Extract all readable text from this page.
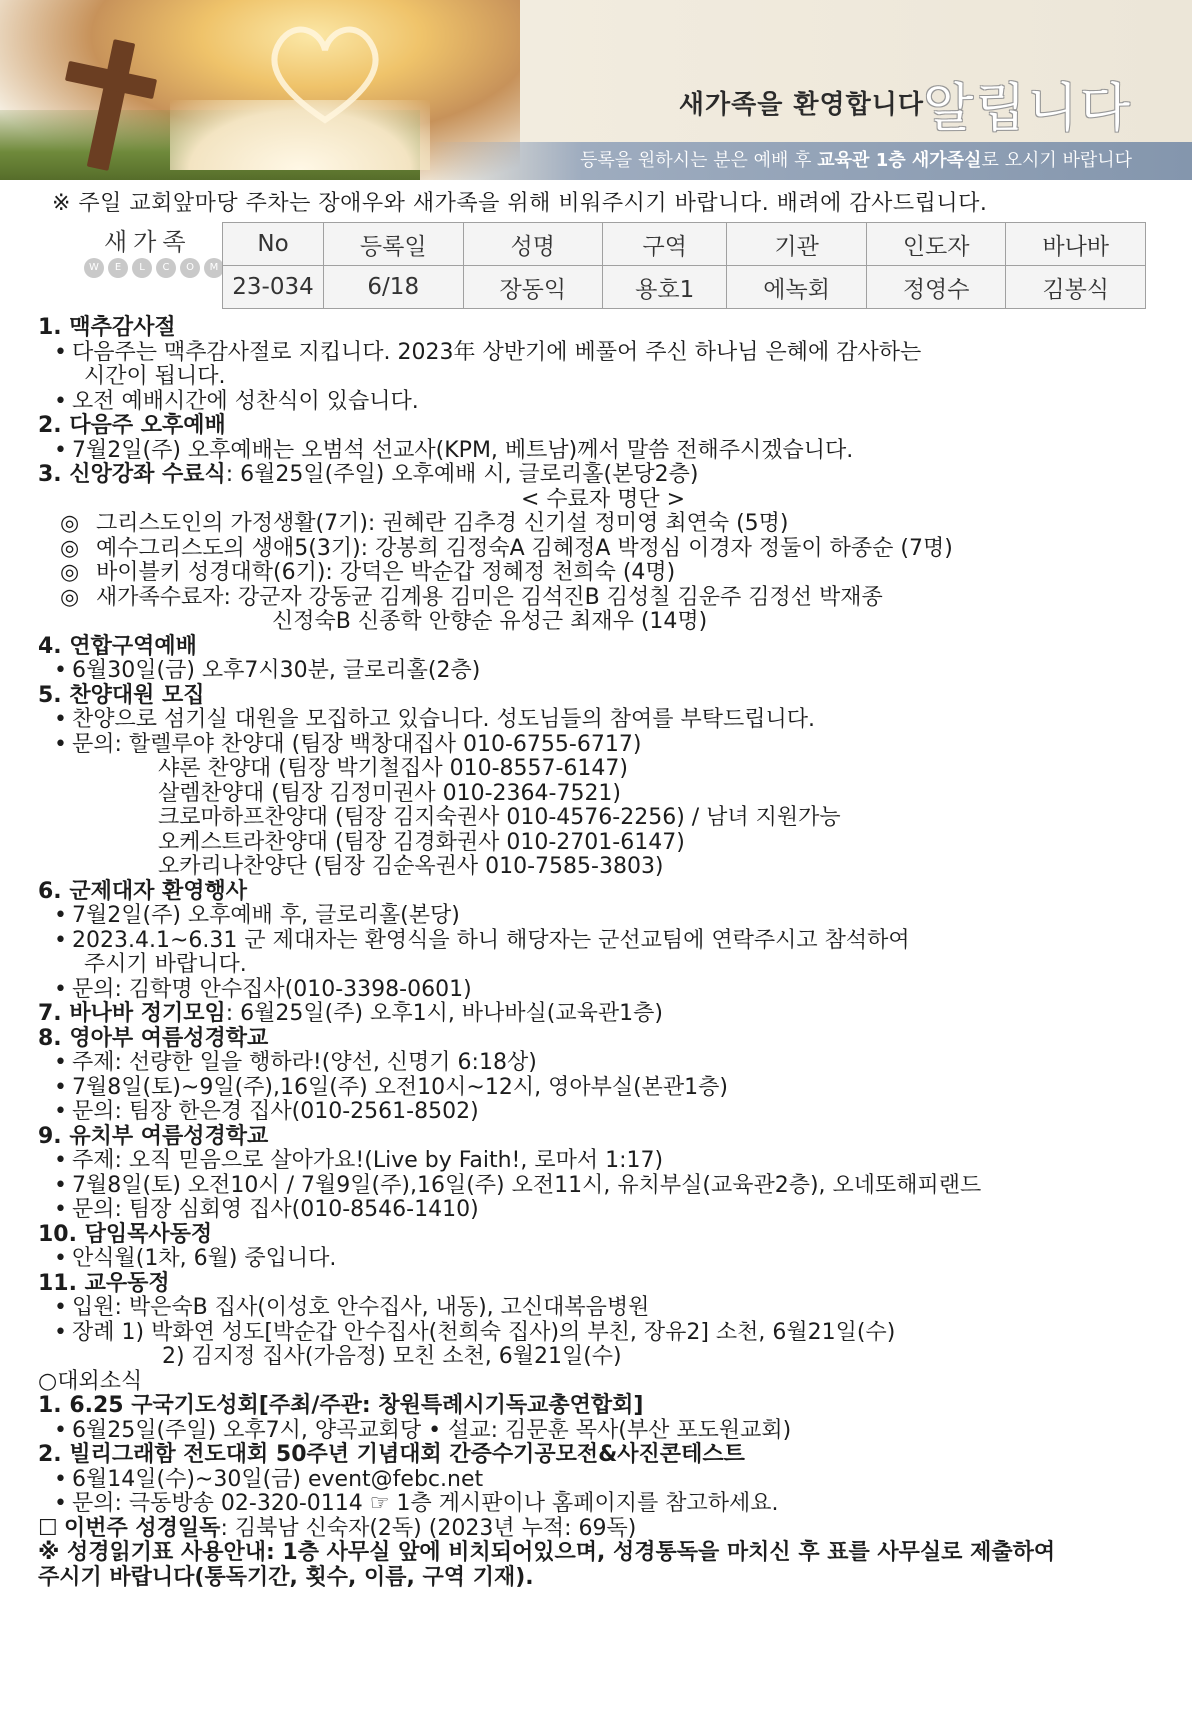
새가족을 환영합니다 알립니다
등록을 원하시는 분은 예배 후 교육관 1층 새가족실로 오시기 바랍니다
※ 주일 교회앞마당 주차는 장애우와 새가족을 위해 비워주시기 바랍니다. 배려에 감사드립니다.
새가족
W	E	L	C	O	M
No	등록일	성명	구역	기관	인도자	바나바
23-034	6/18	장동익	용호1	에녹회	정영수	김봉식
1. 맥추감사절
• 다음주는 맥추감사절로 지킵니다. 2023年 상반기에 베풀어 주신 하나님 은혜에 감사하는
시간이 됩니다.
• 오전 예배시간에 성찬식이 있습니다.
2. 다음주 오후예배
• 7월2일(주) 오후예배는 오범석 선교사(KPM, 베트남)께서 말씀 전해주시겠습니다.
3. 신앙강좌 수료식: 6월25일(주일) 오후예배 시, 글로리홀(본당2층)
< 수료자 명단 >
◎ 그리스도인의 가정생활(7기): 권혜란 김추경 신기설 정미영 최연숙 (5명)
◎ 예수그리스도의 생애5(3기): 강봉희 김정숙A 김혜정A 박정심 이경자 정둘이 하종순 (7명)
◎ 바이블키 성경대학(6기): 강덕은 박순갑 정혜정 천희숙 (4명)
◎ 새가족수료자: 강군자 강동균 김계용 김미은 김석진B 김성칠 김운주 김정선 박재종
신정숙B 신종학 안향순 유성근 최재우 (14명)
4. 연합구역예배
• 6월30일(금) 오후7시30분, 글로리홀(2층)
5. 찬양대원 모집
• 찬양으로 섬기실 대원을 모집하고 있습니다. 성도님들의 참여를 부탁드립니다.
• 문의: 할렐루야 찬양대 (팀장 백창대집사 010-6755-6717)
샤론 찬양대 (팀장 박기철집사 010-8557-6147)
살렘찬양대 (팀장 김정미권사 010-2364-7521)
크로마하프찬양대 (팀장 김지숙권사 010-4576-2256) / 남녀 지원가능
오케스트라찬양대 (팀장 김경화권사 010-2701-6147)
오카리나찬양단 (팀장 김순옥권사 010-7585-3803)
6. 군제대자 환영행사
• 7월2일(주) 오후예배 후, 글로리홀(본당)
• 2023.4.1~6.31 군 제대자는 환영식을 하니 해당자는 군선교팀에 연락주시고 참석하여
주시기 바랍니다.
• 문의: 김학명 안수집사(010-3398-0601)
7. 바나바 정기모임: 6월25일(주) 오후1시, 바나바실(교육관1층)
8. 영아부 여름성경학교
• 주제: 선량한 일을 행하라!(양선, 신명기 6:18상)
• 7월8일(토)~9일(주),16일(주) 오전10시~12시, 영아부실(본관1층)
• 문의: 팀장 한은경 집사(010-2561-8502)
9. 유치부 여름성경학교
• 주제: 오직 믿음으로 살아가요!(Live by Faith!, 로마서 1:17)
• 7월8일(토) 오전10시 / 7월9일(주),16일(주) 오전11시, 유치부실(교육관2층), 오네또해피랜드
• 문의: 팀장 심회영 집사(010-8546-1410)
10. 담임목사동정
• 안식월(1차, 6월) 중입니다.
11. 교우동정
• 입원: 박은숙B 집사(이성호 안수집사, 내동), 고신대복음병원
• 장례 1) 박화연 성도[박순갑 안수집사(천희숙 집사)의 부친, 장유2] 소천, 6월21일(수)
2) 김지정 집사(가음정) 모친 소천, 6월21일(수)
○대외소식
1. 6.25 구국기도성회[주최/주관: 창원특례시기독교총연합회]
• 6월25일(주일) 오후7시, 양곡교회당 • 설교: 김문훈 목사(부산 포도원교회)
2. 빌리그래함 전도대회 50주년 기념대회 간증수기공모전&사진콘테스트
• 6월14일(수)~30일(금) event@febc.net
• 문의: 극동방송 02-320-0114 ☞ 1층 게시판이나 홈페이지를 참고하세요.
☐ 이번주 성경일독: 김북남 신숙자(2독) (2023년 누적: 69독)
※ 성경읽기표 사용안내: 1층 사무실 앞에 비치되어있으며, 성경통독을 마치신 후 표를 사무실로 제출하여
주시기 바랍니다(통독기간, 횟수, 이름, 구역 기재).
